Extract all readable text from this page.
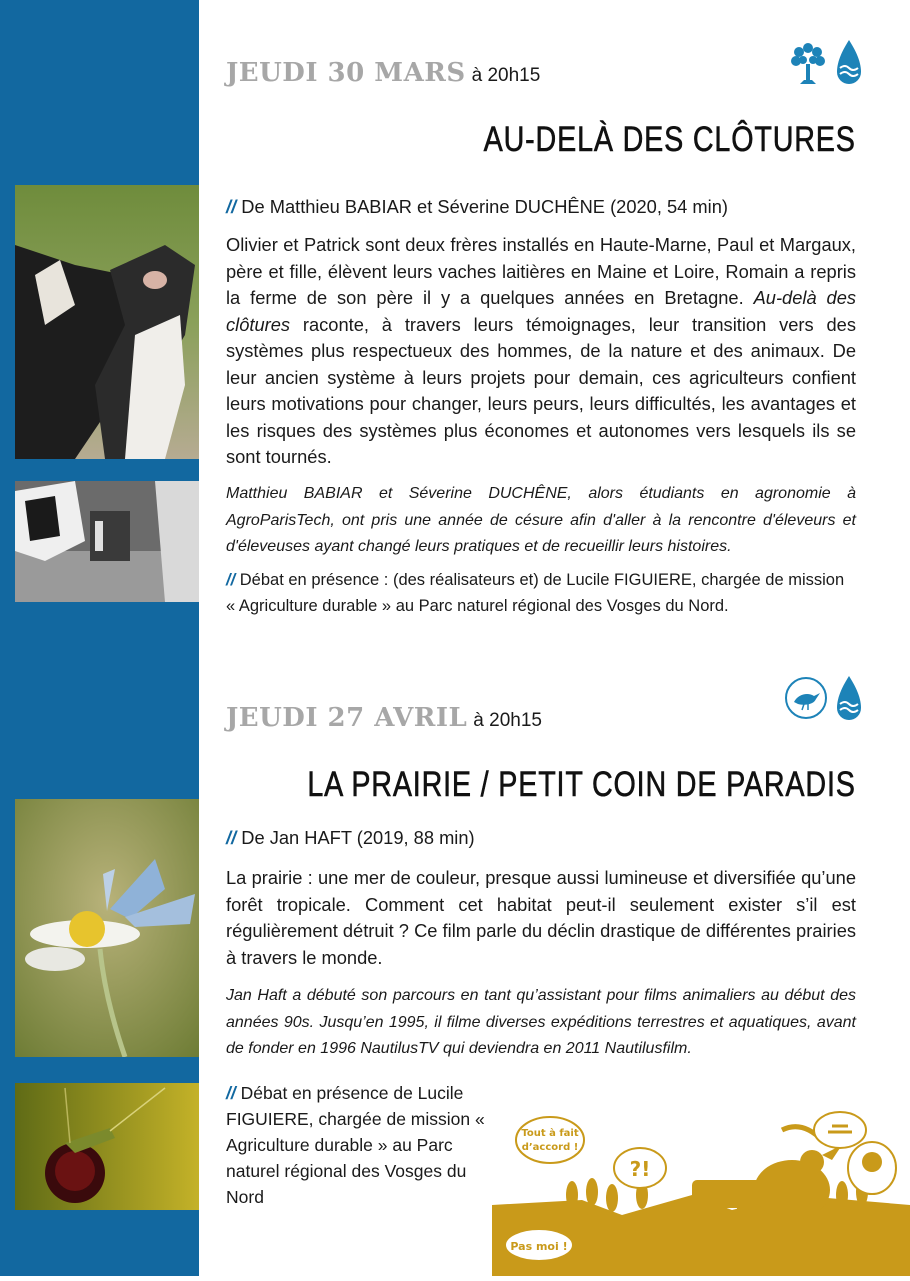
JEUDI 30 MARS à 20h15
AU-DELÀ DES CLÔTURES
// De Matthieu BABIAR et Séverine DUCHÊNE (2020, 54 min)
Olivier et Patrick sont deux frères installés en Haute-Marne, Paul et Margaux, père et fille, élèvent leurs vaches laitières en Maine et Loire, Romain a repris la ferme de son père il y a quelques années en Bretagne. Au-delà des clôtures raconte, à travers leurs témoignages, leur transition vers des systèmes plus respectueux des hommes, de la nature et des animaux. De leur ancien système à leurs projets pour demain, ces agriculteurs confient leurs motivations pour changer, leurs peurs, leurs difficultés, les avantages et les risques des systèmes plus économes et autonomes vers lesquels ils se sont tournés.
Matthieu BABIAR et Séverine DUCHÊNE, alors étudiants en agronomie à AgroParisTech, ont pris une année de césure afin d'aller à la rencontre d'éleveurs et d'éleveuses ayant changé leurs pratiques et de recueillir leurs histoires.
// Débat en présence : (des réalisateurs et) de Lucile FIGUIERE, chargée de mission « Agriculture durable » au Parc naturel régional des Vosges du Nord.
JEUDI 27 AVRIL à 20h15
LA PRAIRIE / PETIT COIN DE PARADIS
// De Jan HAFT (2019, 88 min)
La prairie : une mer de couleur, presque aussi lumineuse et diversifiée qu’une forêt tropicale. Comment cet habitat peut-il seulement exister s’il est régulièrement détruit ? Ce film parle du déclin drastique de différentes prairies à travers le monde.
Jan Haft a débuté son parcours en tant qu’assistant pour films animaliers au début des années 90s. Jusqu’en 1995, il filme diverses expéditions terrestres et aquatiques, avant de fonder en 1996 NautilusTV qui deviendra en 2011 Nautilusfilm.
// Débat en présence de Lucile FIGUIERE, chargée de mission « Agriculture durable » au Parc naturel régional des Vosges du Nord
Tout à fait
d’accord !
?!
Pas moi !
